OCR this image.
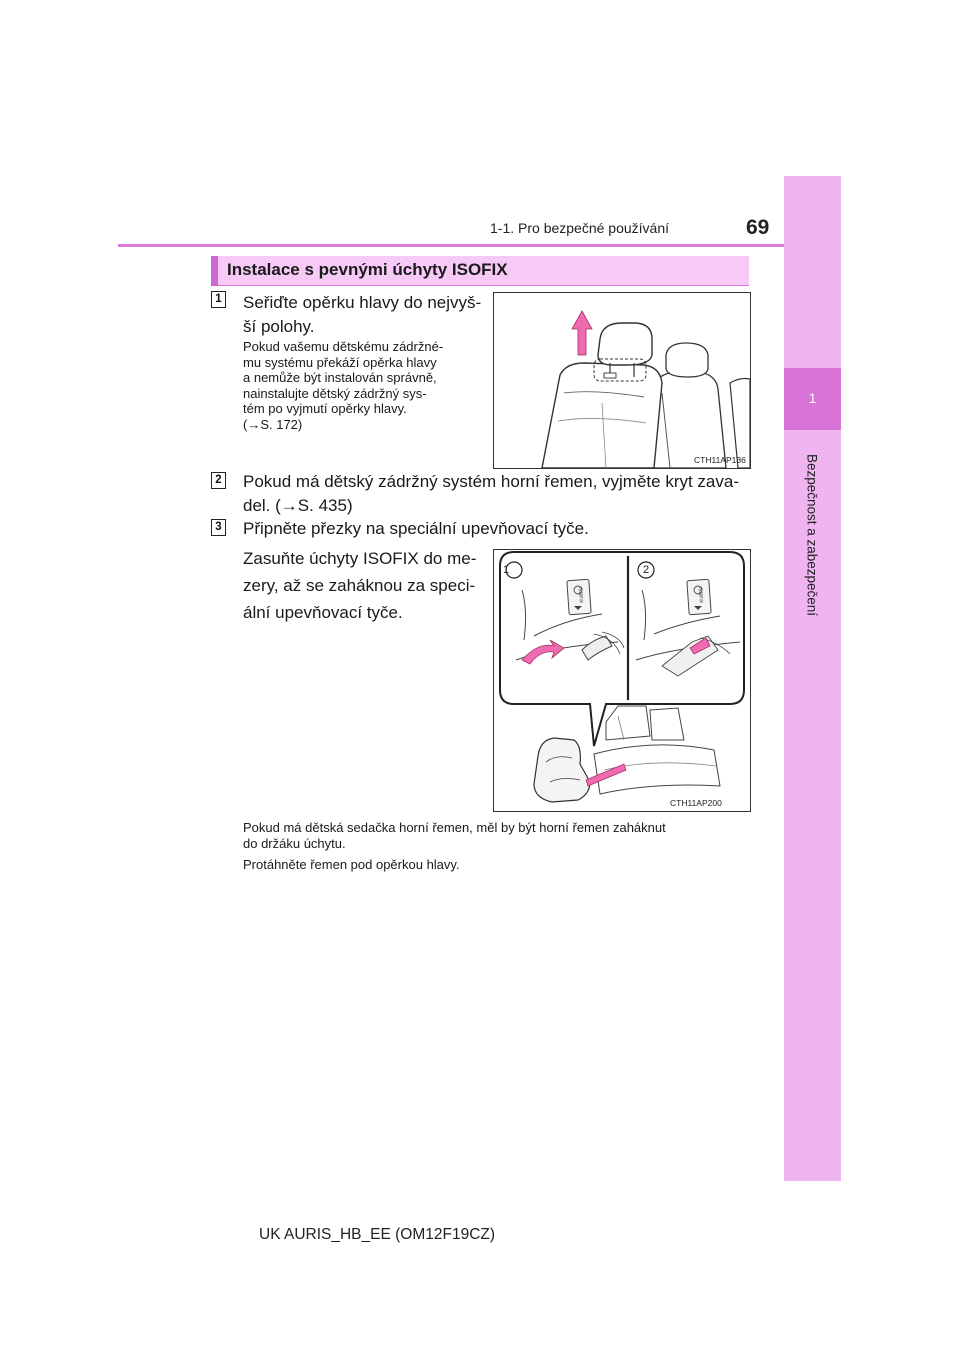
1-1. Pro bezpečné používání	69
1
Bezpečnost a zabezpečení
Instalace s pevnými úchyty ISOFIX
1 Seřiďte opěrku hlavy do nejvyš-
ší polohy.
Pokud vašemu dětskému zádržné-
mu systému překáží opěrka hlavy
a nemůže být instalován správně,
nainstalujte dětský zádržný sys-
tém po vyjmutí opěrky hlavy.
(→S. 172)
CTH11AP136
2 Pokud má dětský zádržný systém horní řemen, vyjměte kryt zava-
del. (→S. 435)
3 Připněte přezky na speciální upevňovací tyče.
Zasuňte úchyty ISOFIX do me-
zery, až se zaháknou za speci-
ální upevňovací tyče.
1	2
ISOFIX	ISOFIX
CTH11AP200
Pokud má dětská sedačka horní řemen, měl by být horní řemen zaháknut
do držáku úchytu.
Protáhněte řemen pod opěrkou hlavy.
UK AURIS_HB_EE (OM12F19CZ)
